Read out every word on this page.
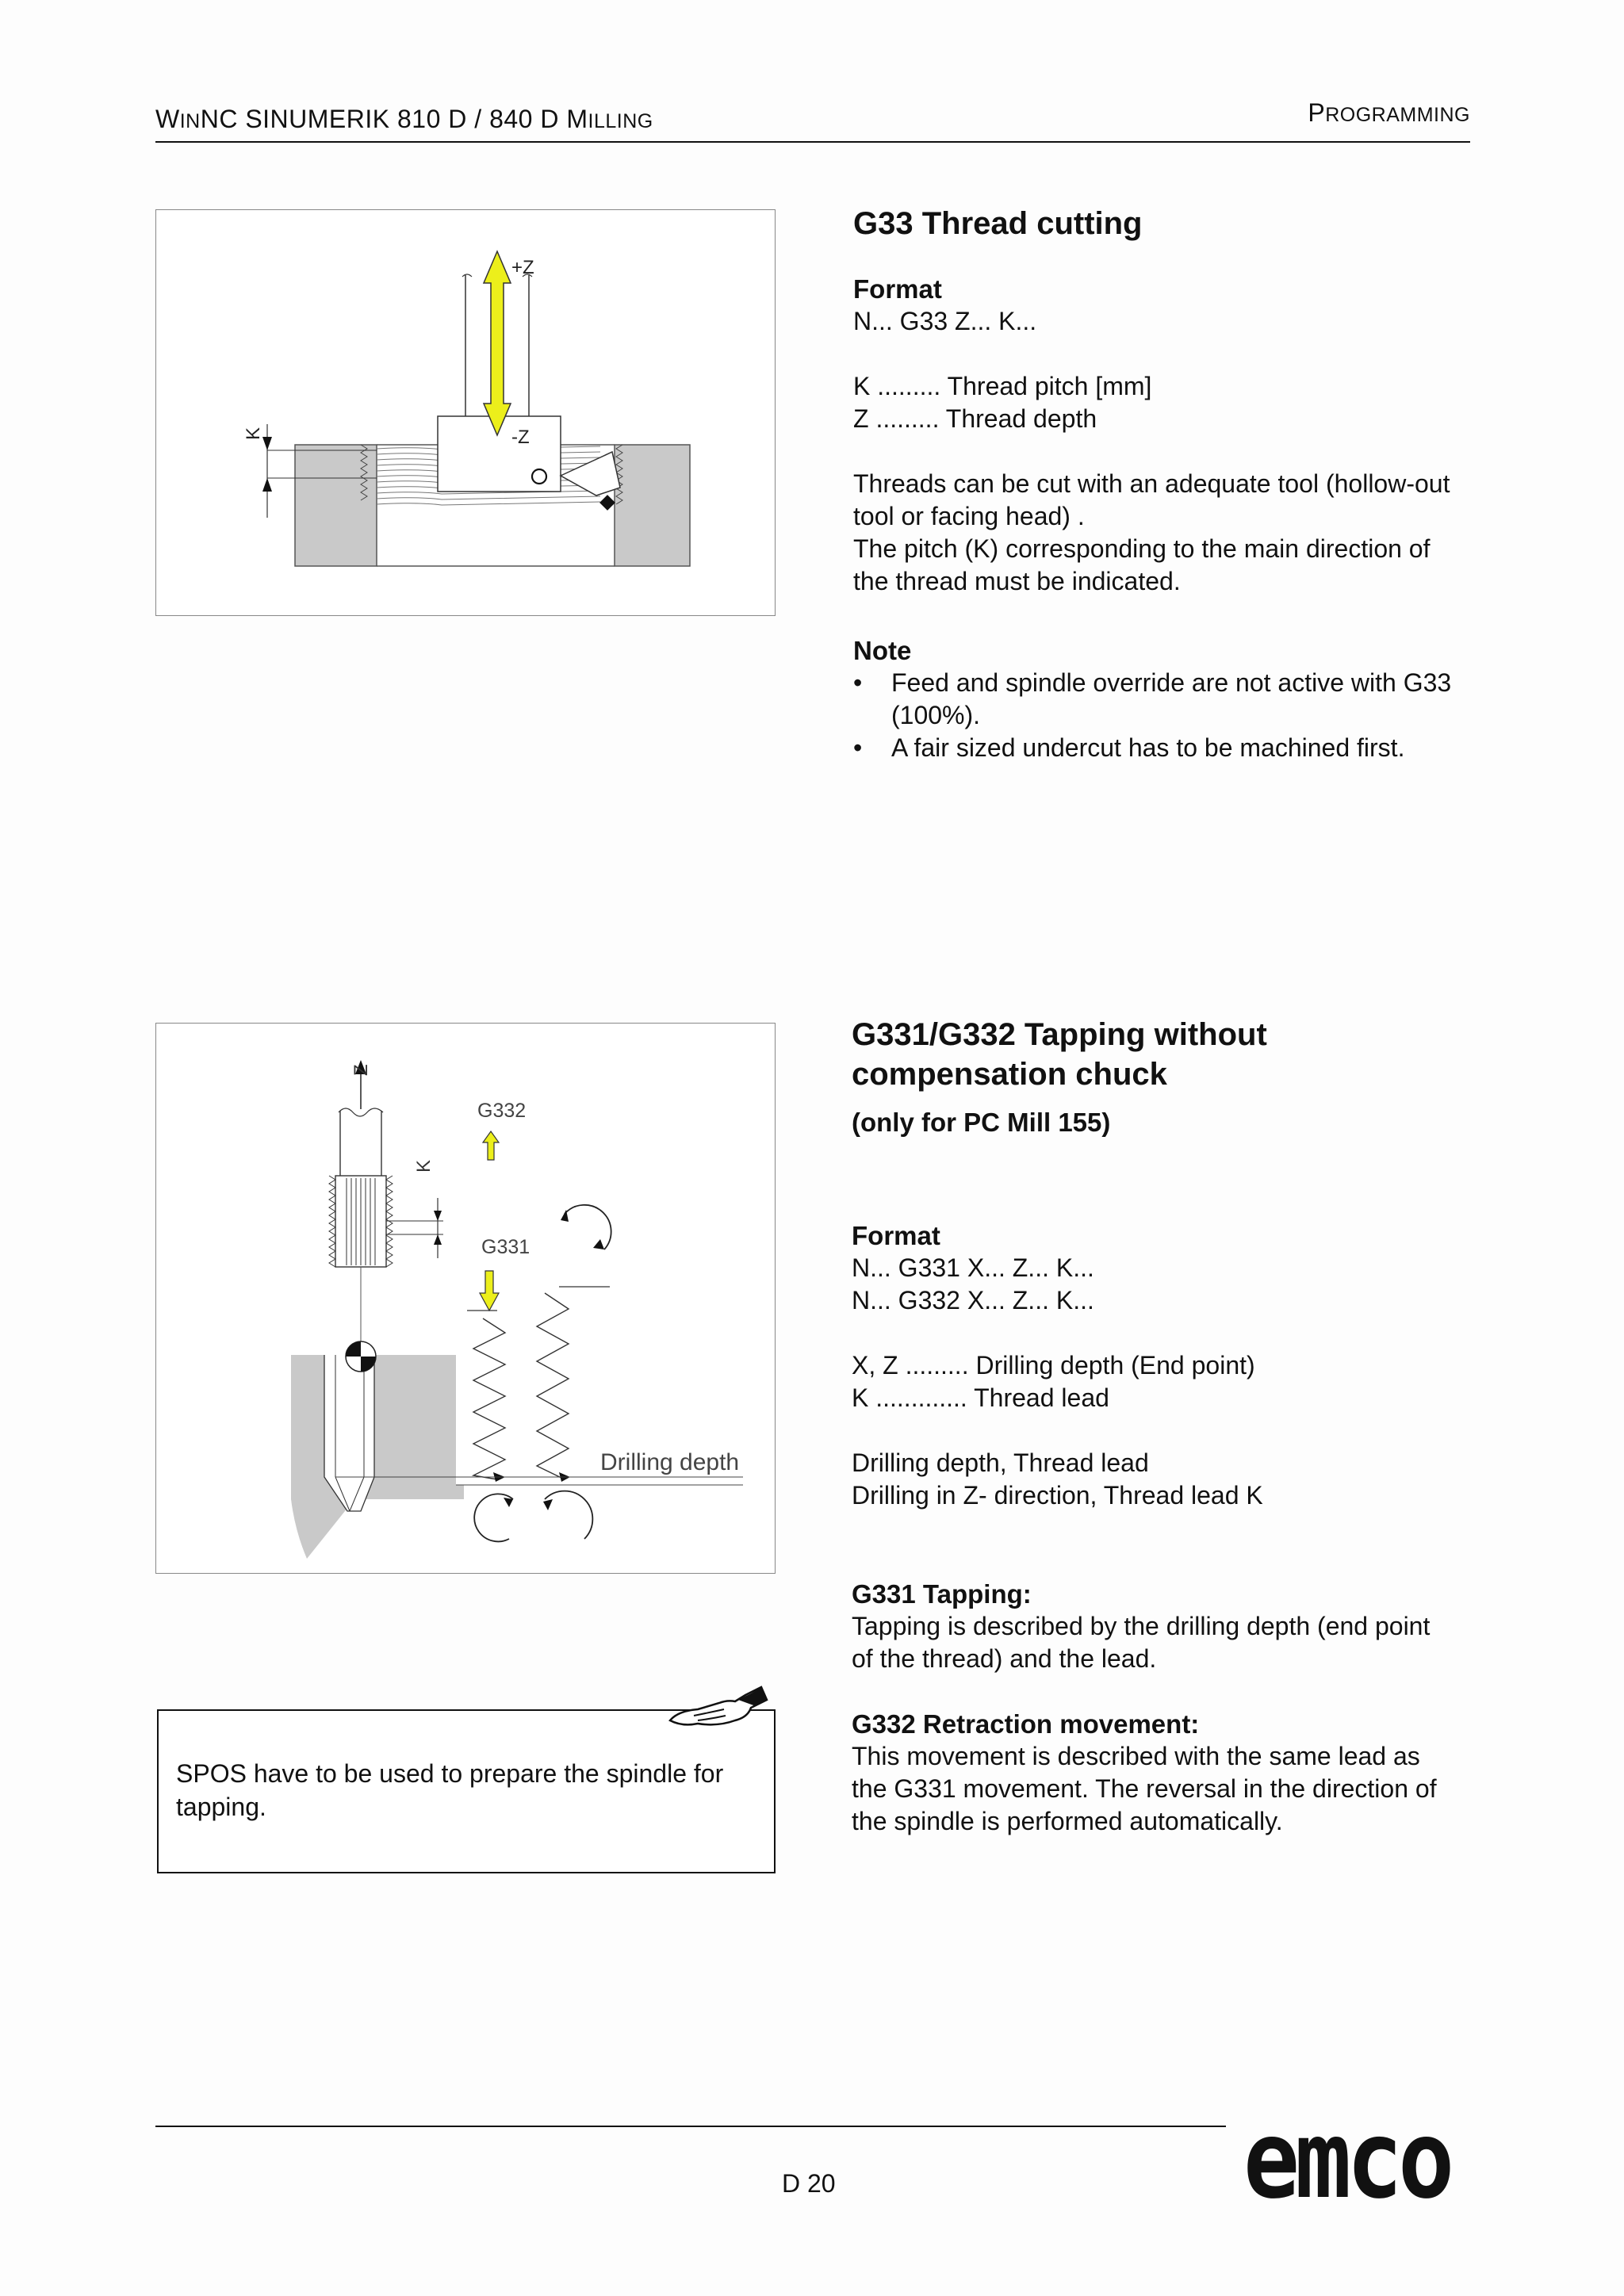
WINNC SINUMERIK 810 D / 840 D MILLING	PROGRAMMING
+Z
-Z
K
G33 Thread cutting

Format

N... G33 Z... K...

K ......... Thread pitch [mm]

Z ......... Thread depth

Threads can be cut with an adequate tool (hollow-out

tool or facing head) .

The pitch (K) corresponding to the main direction of

the thread must be indicated.

Note

• Feed and spindle override are not active with G33 (100%).
• A fair sized undercut has to be machined first.
Z
K
G332
G331
Drilling depth
SPOS have to be used to prepare the spindle for
tapping.
G331/G332 Tapping without
compensation chuck

(only for PC Mill 155)

Format

N... G331 X... Z... K...

N... G332 X... Z... K...

X, Z ......... Drilling depth (End point)

K ............. Thread lead

Drilling depth, Thread lead

Drilling in Z- direction, Thread lead K

G331 Tapping:

Tapping is described by the drilling depth (end point

of the thread) and the lead.

G332 Retraction movement:

This movement is described with the same lead as

the G331 movement. The reversal in the direction of

the spindle is performed automatically.

D 20	emco
